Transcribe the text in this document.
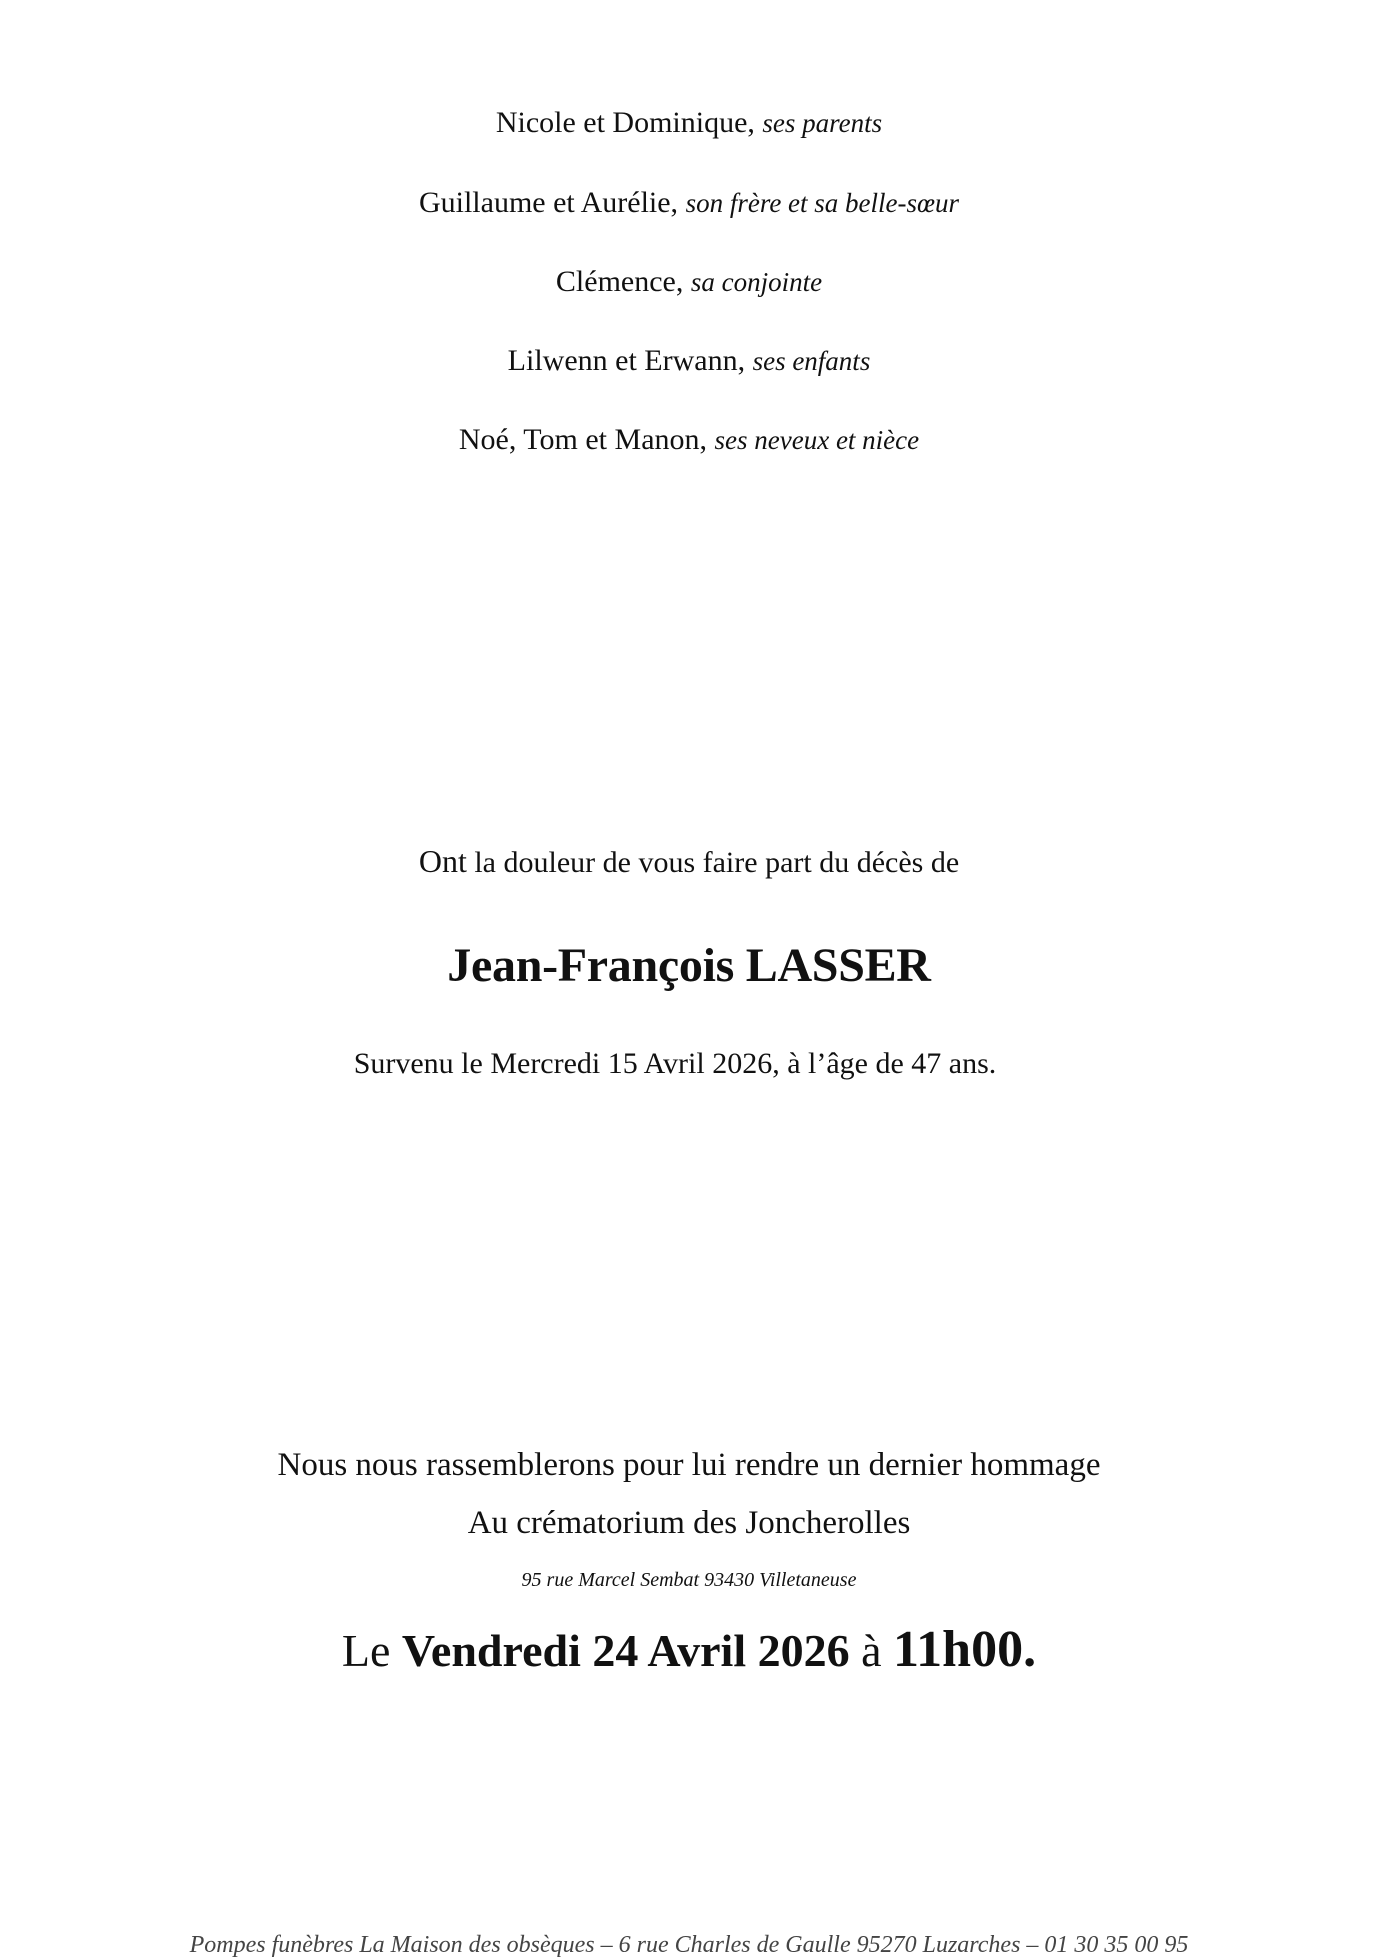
Nicole et Dominique, ses parents
Guillaume et Aurélie, son frère et sa belle-sœur
Clémence, sa conjointe
Lilwenn et Erwann, ses enfants
Noé, Tom et Manon, ses neveux et nièce
Ont la douleur de vous faire part du décès de
Jean-François LASSER
Survenu le Mercredi 15 Avril 2026, à l’âge de 47 ans.
Nous nous rassemblerons pour lui rendre un dernier hommage
Au crématorium des Joncherolles
95 rue Marcel Sembat 93430 Villetaneuse
Le Vendredi 24 Avril 2026 à 11h00.
Pompes funèbres La Maison des obsèques – 6 rue Charles de Gaulle 95270 Luzarches – 01 30 35 00 95
